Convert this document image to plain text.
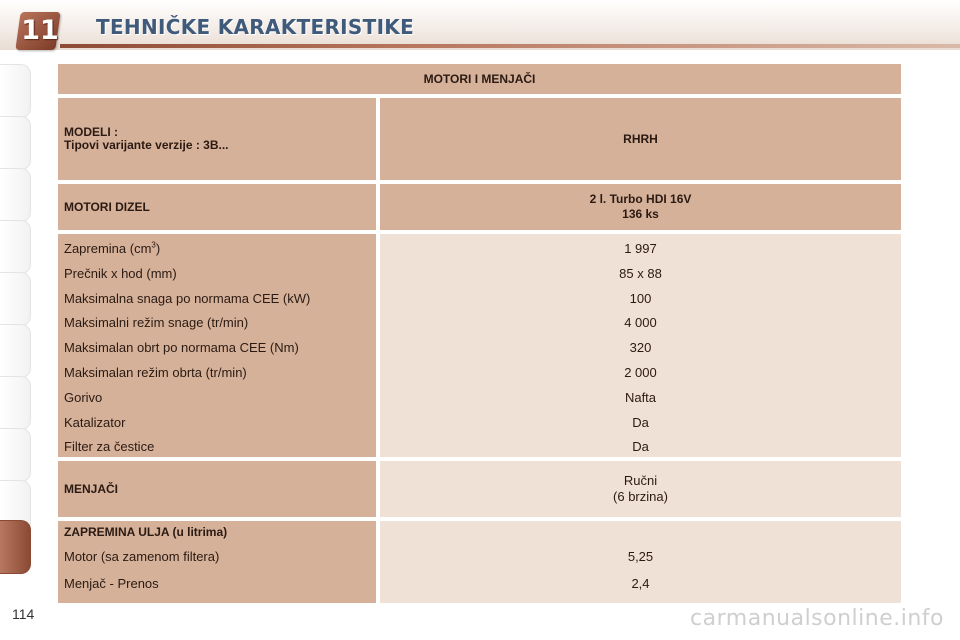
11 TEHNIČKE KARAKTERISTIKE
MOTORI I MENJAČI
MODELI :
Tipovi varijante verzije : 3B...	RHRH
MOTORI DIZEL
2 l. Turbo HDI 16V
136 ks
Zapremina $(cm^3)$
Prečnik x hod (mm)
Maksimalna snaga po normama CEE (kW)
Maksimalni režim snage (tr/min)
Maksimalan obrt po normama CEE (Nm)
Maksimalan režim obrta (tr/min)
Gorivo
Katalizator
Filter za čestice
1 997
85 x 88
100
4 000
320
2 000
Nafta
Da
Da
MENJAČI
Ručni
(6 brzina)
ZAPREMINA ULJA (u litrima)
Motor (sa zamenom filtera)
Menjač - Prenos
5,25
2,4
114	carmanualsonline.info
